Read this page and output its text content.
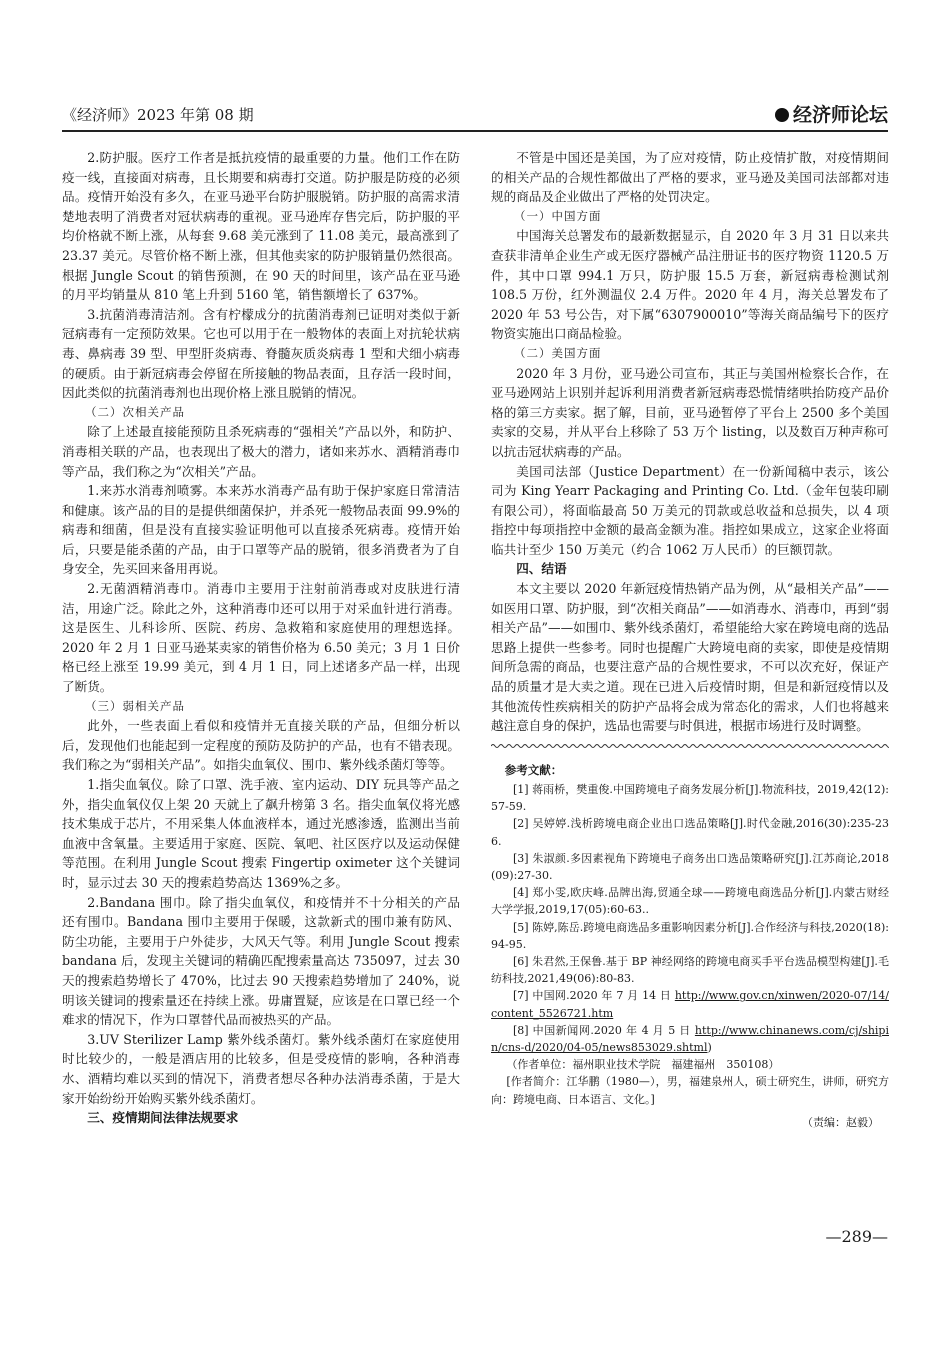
《经济师》2023 年第 08 期	经济师论坛

2.防护服。医疗工作者是抵抗疫情的最重要的力量。他们工作在防疫一线，直接面对病毒，且长期要和病毒打交道。防护服是防疫的必须品。疫情开始没有多久，在亚马逊平台防护服脱销。防护服的高需求清楚地表明了消费者对冠状病毒的重视。亚马逊库存售完后，防护服的平均价格就不断上涨，从每套 9.68 美元涨到了 11.08 美元，最高涨到了 23.37 美元。尽管价格不断上涨，但其他卖家的防护服销量仍然很高。根据 Jungle Scout 的销售预测，在 90 天的时间里，该产品在亚马逊的月平均销量从 810 笔上升到 5160 笔，销售额增长了 637%。

3.抗菌消毒清洁剂。含有柠檬成分的抗菌消毒剂已证明对类似于新冠病毒有一定预防效果。它也可以用于在一般物体的表面上对抗轮状病毒、鼻病毒 39 型、甲型肝炎病毒、脊髓灰质炎病毒 1 型和犬细小病毒的硬质。由于新冠病毒会停留在所接触的物品表面，且存活一段时间，因此类似的抗菌消毒剂也出现价格上涨且脱销的情况。

（二）次相关产品

除了上述最直接能预防且杀死病毒的“强相关”产品以外，和防护、消毒相关联的产品，也表现出了极大的潜力，诸如来苏水、酒精消毒巾等产品，我们称之为“次相关”产品。

1.来苏水消毒剂喷雾。本来苏水消毒产品有助于保护家庭日常清洁和健康。该产品的目的是提供细菌保护，并杀死一般物品表面 99.9%的病毒和细菌，但是没有直接实验证明他可以直接杀死病毒。疫情开始后，只要是能杀菌的产品，由于口罩等产品的脱销，很多消费者为了自身安全，先买回来备用再说。

2.无菌酒精消毒巾。消毒巾主要用于注射前消毒或对皮肤进行清洁，用途广泛。除此之外，这种消毒巾还可以用于对采血针进行消毒。这是医生、儿科诊所、医院、药房、急救箱和家庭使用的理想选择。2020 年 2 月 1 日亚马逊某卖家的销售价格为 6.50 美元；3 月 1 日价格已经上涨至 19.99 美元，到 4 月 1 日，同上述诸多产品一样，出现了断货。

（三）弱相关产品

此外，一些表面上看似和疫情并无直接关联的产品，但细分析以后，发现他们也能起到一定程度的预防及防护的产品，也有不错表现。我们称之为“弱相关产品”。如指尖血氧仪、围巾、紫外线杀菌灯等等。

1.指尖血氧仪。除了口罩、洗手液、室内运动、DIY 玩具等产品之外，指尖血氧仪仅上架 20 天就上了飙升榜第 3 名。指尖血氧仪将光感技术集成于芯片，不用采集人体血液样本，通过光感渗透，监测出当前血液中含氧量。主要适用于家庭、医院、氧吧、社区医疗以及运动保健等范围。在利用 Jungle Scout 搜索 Fingertip oximeter 这个关键词时，显示过去 30 天的搜索趋势高达 1369%之多。

2.Bandana 围巾。除了指尖血氧仪，和疫情并不十分相关的产品还有围巾。Bandana 围巾主要用于保暖，这款新式的围巾兼有防风、防尘功能，主要用于户外徒步，大风天气等。利用 Jungle Scout 搜索 bandana 后，发现主关键词的精确匹配搜索量高达 735097，过去 30 天的搜索趋势增长了 470%，比过去 90 天搜索趋势增加了 240%，说明该关键词的搜索量还在持续上涨。毋庸置疑，应该是在口罩已经一个难求的情况下，作为口罩替代品而被热买的产品。

3.UV Sterilizer Lamp 紫外线杀菌灯。紫外线杀菌灯在家庭使用时比较少的，一般是酒店用的比较多，但是受疫情的影响，各种消毒水、酒精均难以买到的情况下，消费者想尽各种办法消毒杀菌，于是大家开始纷纷开始购买紫外线杀菌灯。

三、疫情期间法律法规要求

不管是中国还是美国，为了应对疫情，防止疫情扩散，对疫情期间的相关产品的合规性都做出了严格的要求，亚马逊及美国司法部都对违规的商品及企业做出了严格的处罚决定。

（一）中国方面

中国海关总署发布的最新数据显示，自 2020 年 3 月 31 日以来共查获非清单企业生产或无医疗器械产品注册证书的医疗物资 1120.5 万件，其中口罩 994.1 万只，防护服 15.5 万套，新冠病毒检测试剂 108.5 万份，红外测温仪 2.4 万件。2020 年 4 月，海关总署发布了 2020 年 53 号公告，对下属“6307900010”等海关商品编号下的医疗物资实施出口商品检验。

（二）美国方面

2020 年 3 月份，亚马逊公司宣布，其正与美国州检察长合作，在亚马逊网站上识别并起诉利用消费者新冠病毒恐慌情绪哄抬防疫产品价格的第三方卖家。据了解，目前，亚马逊暂停了平台上 2500 多个美国卖家的交易，并从平台上移除了 53 万个 listing，以及数百万种声称可以抗击冠状病毒的产品。

美国司法部（Justice Department）在一份新闻稿中表示，该公司为 King Yearr Packaging and Printing Co. Ltd.（金年包装印刷有限公司），将面临最高 50 万美元的罚款或总收益和总损失，以 4 项指控中每项指控中金额的最高金额为准。指控如果成立，这家企业将面临共计至少 150 万美元（约合 1062 万人民币）的巨额罚款。

四、结语

本文主要以 2020 年新冠疫情热销产品为例，从“最相关产品”——如医用口罩、防护服，到“次相关商品”——如消毒水、消毒巾，再到“弱相关产品”——如围巾、紫外线杀菌灯，希望能给大家在跨境电商的选品思路上提供一些参考。同时也提醒广大跨境电商的卖家，即使是疫情期间所急需的商品，也要注意产品的合规性要求，不可以次充好，保证产品的质量才是大卖之道。现在已进入后疫情时期，但是和新冠疫情以及其他流传性疾病相关的防护产品将会成为常态化的需求，人们也将越来越注意自身的保护，选品也需要与时俱进，根据市场进行及时调整。

参考文献：

[1] 蒋雨桥，樊重俊.中国跨境电子商务发展分析[J].物流科技，2019,42(12):57-59.

[2] 吴婷婷.浅析跨境电商企业出口选品策略[J].时代金融,2016(30):235-236.

[3] 朱淑颜.多因素视角下跨境电子商务出口选品策略研究[J].江苏商论,2018(09):27-30.

[4] 郑小雯,欧庆峰.品牌出海,贸通全球——跨境电商选品分析[J].内蒙古财经大学学报,2019,17(05):60-63..

[5] 陈婷,陈岳.跨境电商选品多重影响因素分析[J].合作经济与科技,2020(18):94-95.

[6] 朱君然,王保鲁.基于 BP 神经网络的跨境电商买手平台选品模型构建[J].毛纺科技,2021,49(06):80-83.

[7] 中国网.2020 年 7 月 14 日 http://www.gov.cn/xinwen/2020-07/14/content_5526721.htm

[8] 中国新闻网.2020 年 4 月 5 日 http://www.chinanews.com/cj/shipin/cns-d/2020/04-05/news853029.shtml)

（作者单位：福州职业技术学院　福建福州　350108）

[作者简介：江华鹏（1980—），男，福建泉州人，硕士研究生，讲师，研究方向：跨境电商、日本语言、文化。]

（责编：赵毅）
—289—
